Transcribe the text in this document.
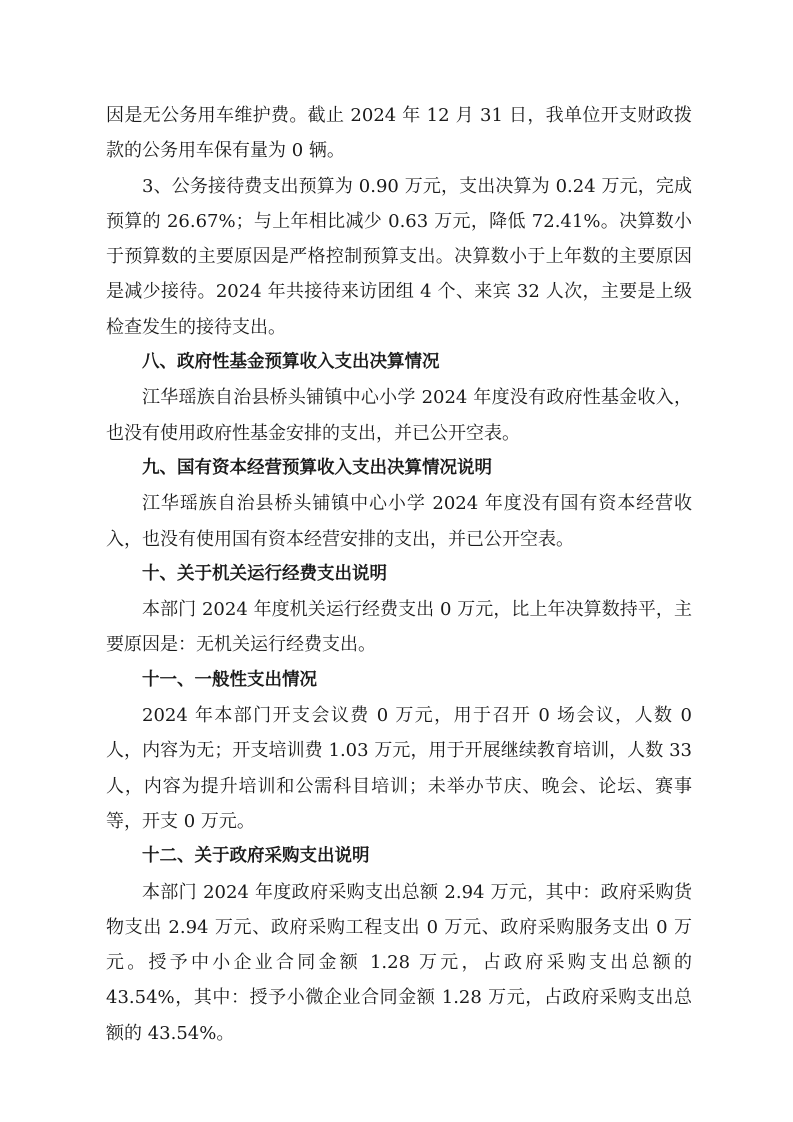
因是无公务用车维护费。截止 2024 年 12 月 31 日，我单位开支财政拨款的公务用车保有量为 0 辆。

3、公务接待费支出预算为 0.90 万元，支出决算为 0.24 万元，完成预算的 26.67%；与上年相比减少 0.63 万元，降低 72.41%。决算数小于预算数的主要原因是严格控制预算支出。决算数小于上年数的主要原因是减少接待。2024 年共接待来访团组 4 个、来宾 32 人次，主要是上级检查发生的接待支出。

八、政府性基金预算收入支出决算情况

江华瑶族自治县桥头铺镇中心小学 2024 年度没有政府性基金收入，也没有使用政府性基金安排的支出，并已公开空表。

九、国有资本经营预算收入支出决算情况说明

江华瑶族自治县桥头铺镇中心小学 2024 年度没有国有资本经营收入，也没有使用国有资本经营安排的支出，并已公开空表。

十、关于机关运行经费支出说明

本部门 2024 年度机关运行经费支出 0 万元，比上年决算数持平，主要原因是：无机关运行经费支出。

十一、一般性支出情况

2024 年本部门开支会议费 0 万元，用于召开 0 场会议，人数 0 人，内容为无；开支培训费 1.03 万元，用于开展继续教育培训，人数 33 人，内容为提升培训和公需科目培训；未举办节庆、晚会、论坛、赛事等，开支 0 万元。

十二、关于政府采购支出说明

本部门 2024 年度政府采购支出总额 2.94 万元，其中：政府采购货物支出 2.94 万元、政府采购工程支出 0 万元、政府采购服务支出 0 万元。授予中小企业合同金额 1.28 万元，占政府采购支出总额的 43.54%，其中：授予小微企业合同金额 1.28 万元，占政府采购支出总额的 43.54%。
